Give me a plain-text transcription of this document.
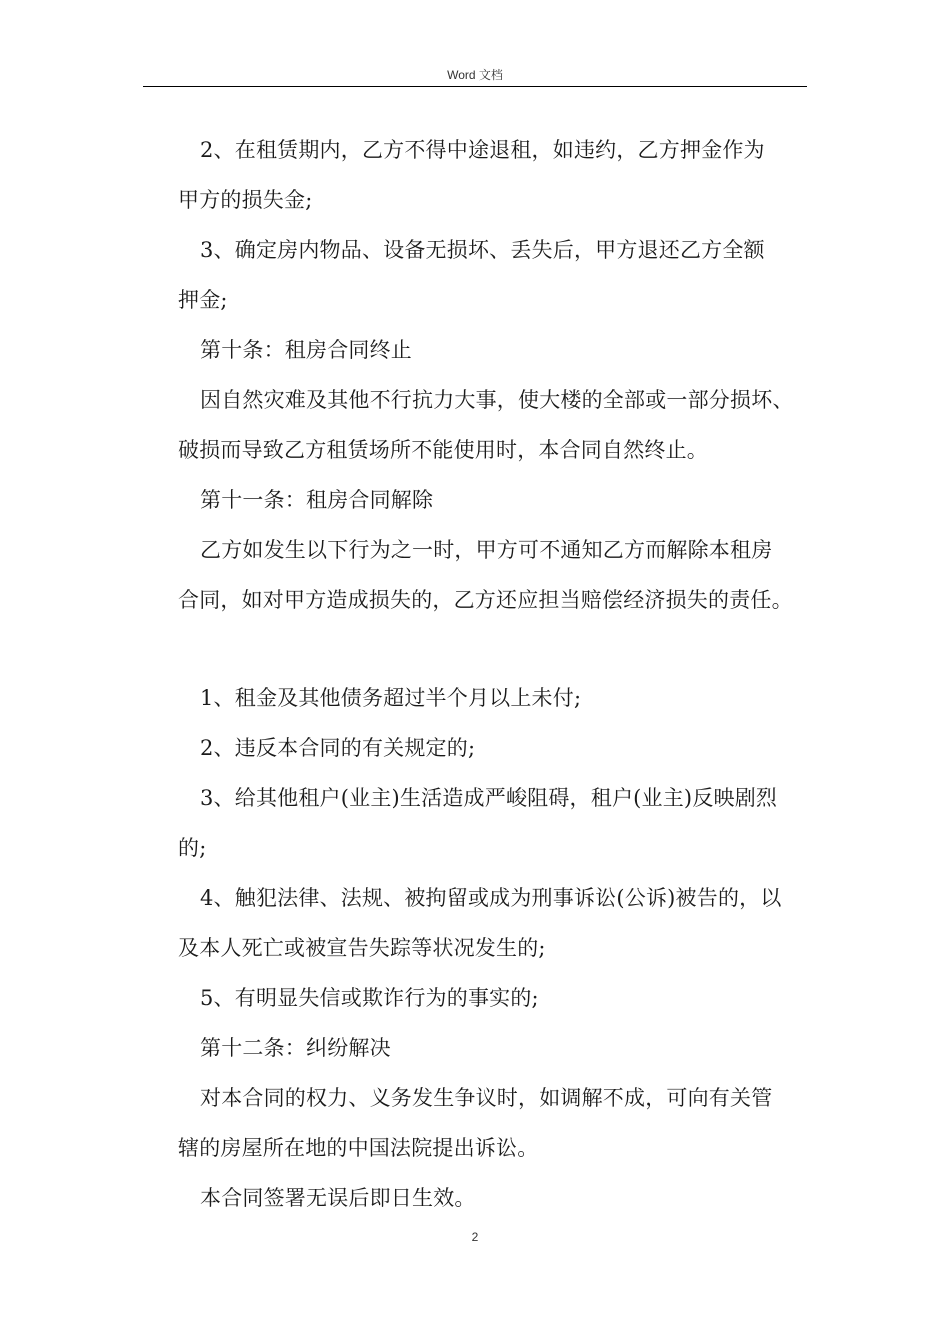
Word 文档
2、在租赁期内，乙方不得中途退租，如违约，乙方押金作为
甲方的损失金;
3、确定房内物品、设备无损坏、丢失后，甲方退还乙方全额
押金;
第十条：租房合同终止
因自然灾难及其他不行抗力大事，使大楼的全部或一部分损坏、
破损而导致乙方租赁场所不能使用时，本合同自然终止。
第十一条：租房合同解除
乙方如发生以下行为之一时，甲方可不通知乙方而解除本租房
合同，如对甲方造成损失的，乙方还应担当赔偿经济损失的责任。
1、租金及其他债务超过半个月以上未付;
2、违反本合同的有关规定的;
3、给其他租户(业主)生活造成严峻阻碍，租户(业主)反映剧烈
的;
4、触犯法律、法规、被拘留或成为刑事诉讼(公诉)被告的，以
及本人死亡或被宣告失踪等状况发生的;
5、有明显失信或欺诈行为的事实的;
第十二条：纠纷解决
对本合同的权力、义务发生争议时，如调解不成，可向有关管
辖的房屋所在地的中国法院提出诉讼。
本合同签署无误后即日生效。
2
